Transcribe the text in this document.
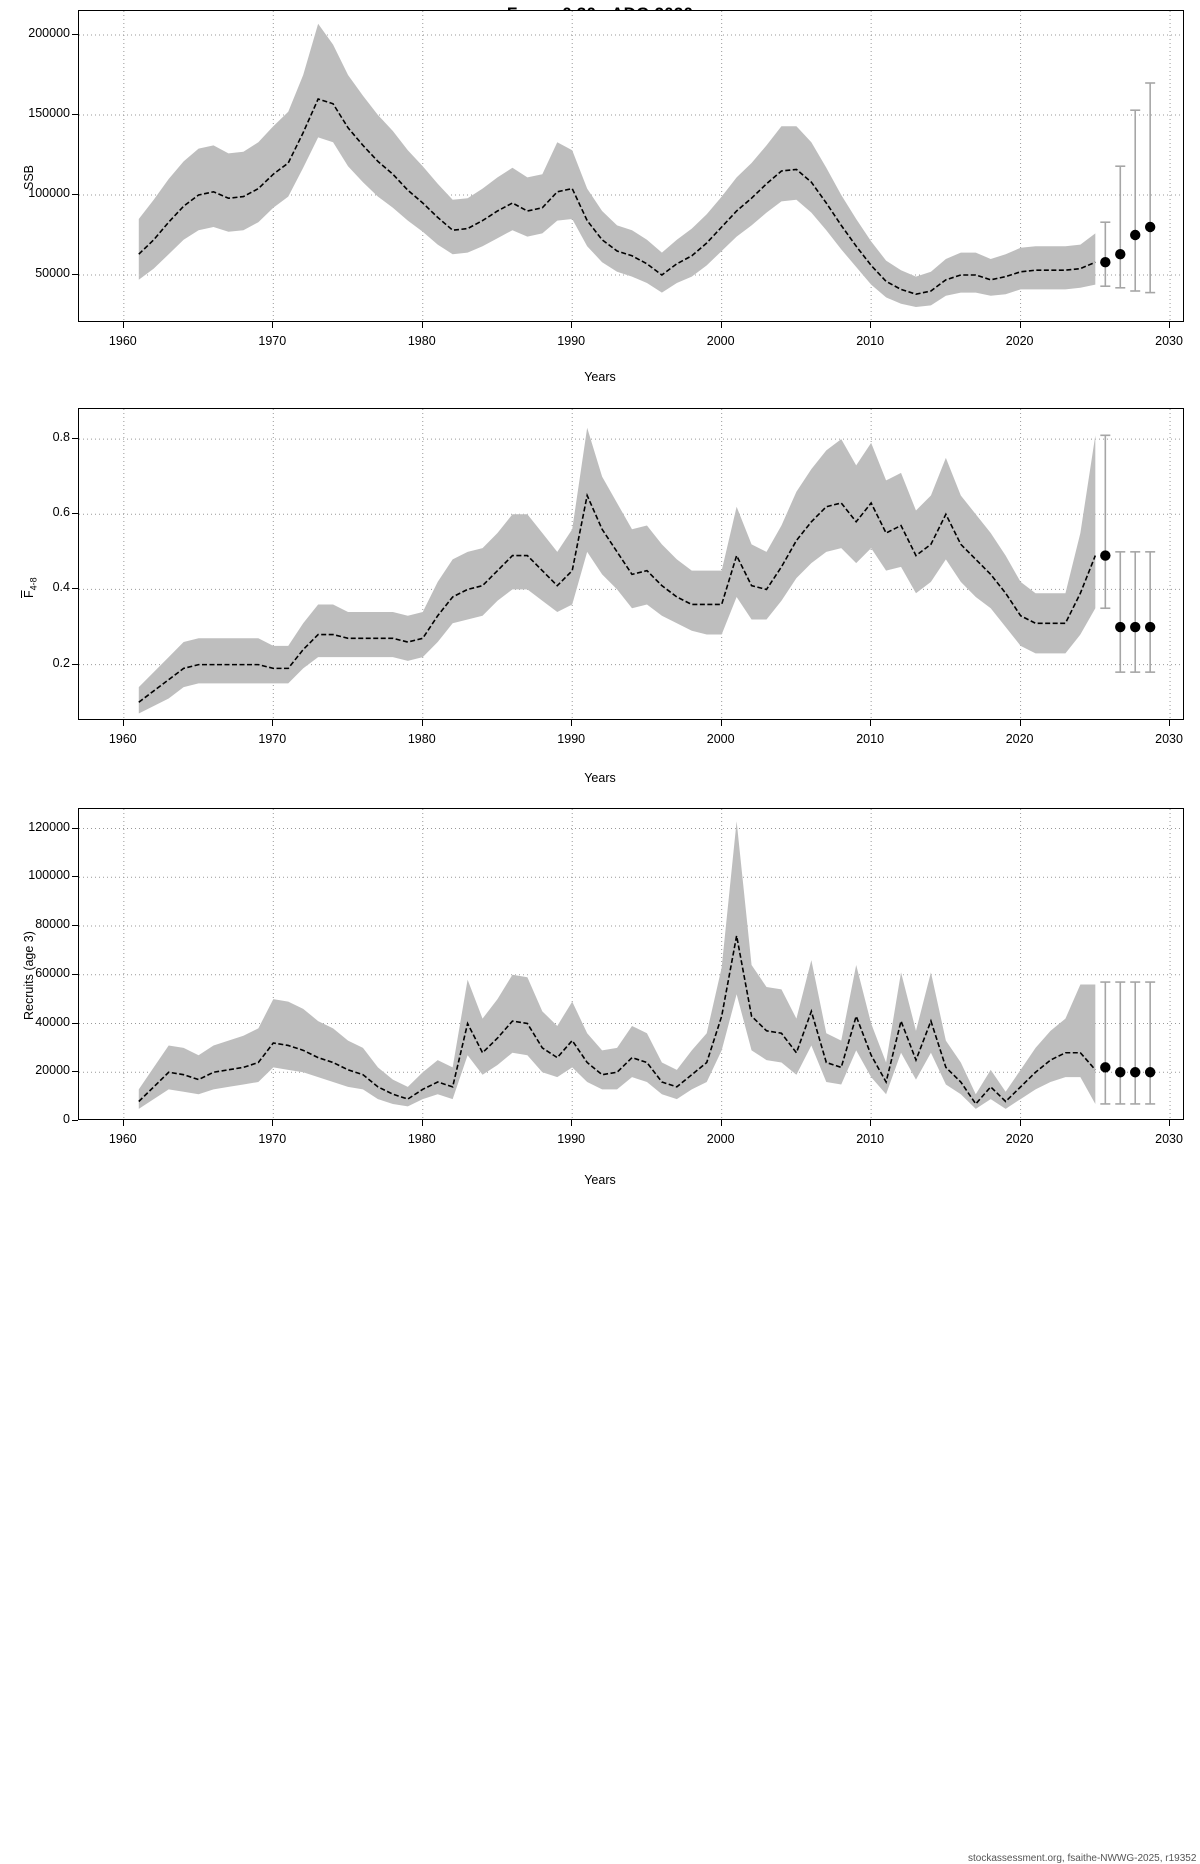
SSB
Years
1960	1970	1980	1990	2000	2010	2020	2030
50000
100000
150000
200000
$\overline{F}_{4-8}$
Years
1960	1970	1980	1990	2000	2010	2020	2030
0.2
0.4
0.6
0.8
Recruits (age 3)
Years
1960	1970	1980	1990	2000	2010	2020	2030
0
20000
40000
60000
80000
100000
120000
stockassessment.org, fsaithe-NWWG-2025, r19352
